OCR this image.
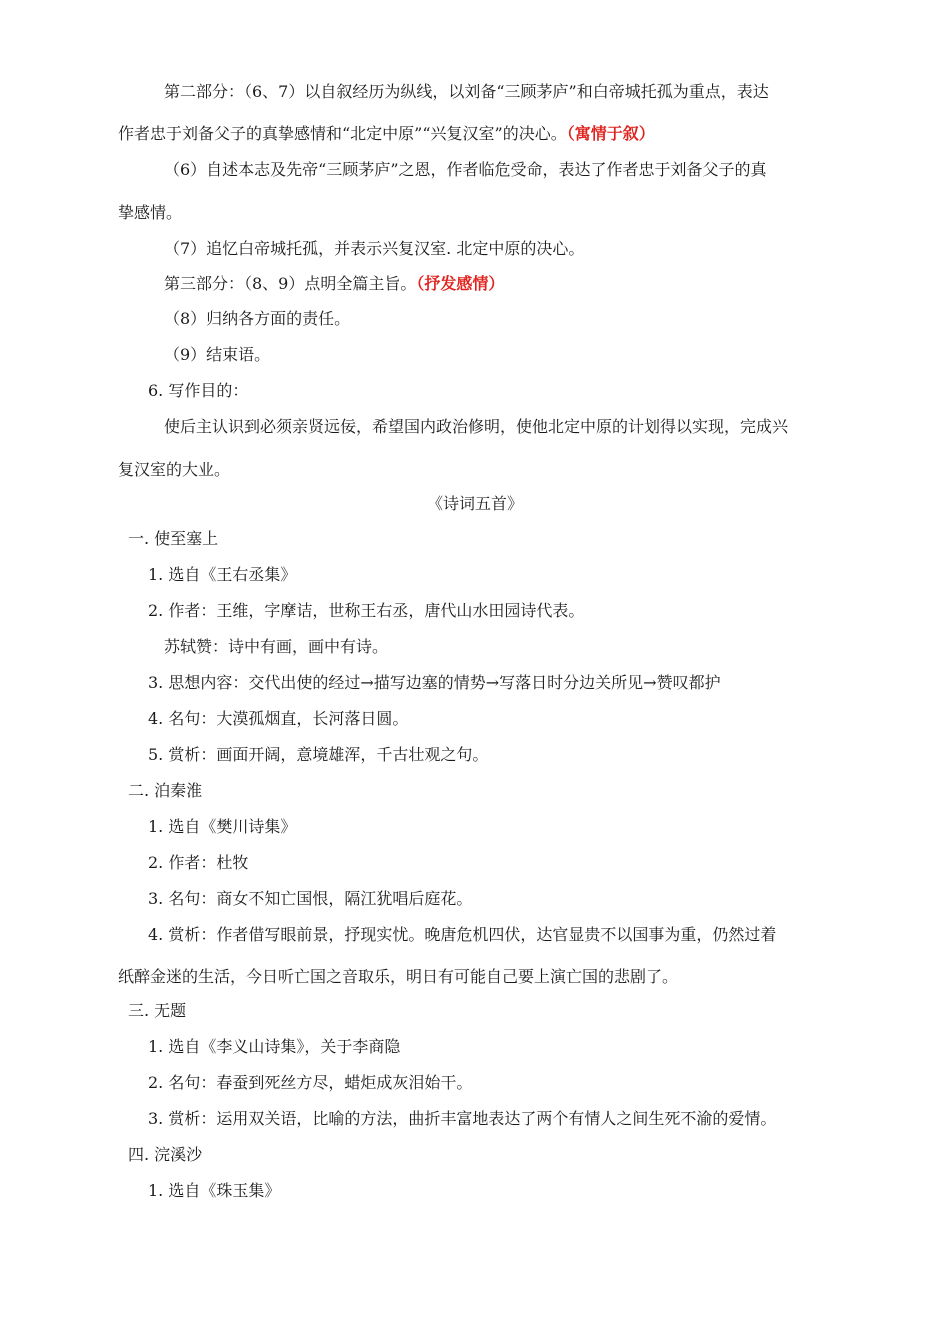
第二部分：（6、7）以自叙经历为纵线，以刘备“三顾茅庐”和白帝城托孤为重点，表达
作者忠于刘备父子的真挚感情和“北定中原”“兴复汉室”的决心。（寓情于叙）
（6）自述本志及先帝“三顾茅庐”之恩，作者临危受命，表达了作者忠于刘备父子的真
挚感情。
（7）追忆白帝城托孤，并表示兴复汉室. 北定中原的决心。
第三部分：（8、9）点明全篇主旨。（抒发感情）
（8）归纳各方面的责任。
（9）结束语。
6. 写作目的：
使后主认识到必须亲贤远佞，希望国内政治修明，使他北定中原的计划得以实现，完成兴
复汉室的大业。
《诗词五首》
一. 使至塞上
1. 选自《王右丞集》
2. 作者：王维，字摩诘，世称王右丞，唐代山水田园诗代表。
苏轼赞：诗中有画，画中有诗。
3. 思想内容：交代出使的经过→描写边塞的情势→写落日时分边关所见→赞叹都护
4. 名句：大漠孤烟直，长河落日圆。
5. 赏析：画面开阔，意境雄浑，千古壮观之句。
二. 泊秦淮
1. 选自《樊川诗集》
2. 作者：杜牧
3. 名句：商女不知亡国恨，隔江犹唱后庭花。
4. 赏析：作者借写眼前景，抒现实忧。晚唐危机四伏，达官显贵不以国事为重，仍然过着
纸醉金迷的生活，今日听亡国之音取乐，明日有可能自己要上演亡国的悲剧了。
三. 无题
1. 选自《李义山诗集》，关于李商隐
2. 名句：春蚕到死丝方尽，蜡炬成灰泪始干。
3. 赏析：运用双关语，比喻的方法，曲折丰富地表达了两个有情人之间生死不渝的爱情。
四. 浣溪沙
1. 选自《珠玉集》
